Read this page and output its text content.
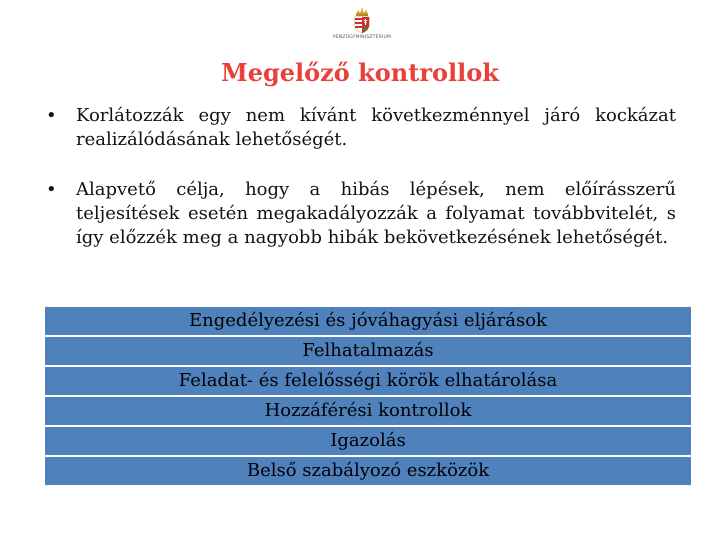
PÉNZÜGYMINISZTÉRIUM
Megelőző kontrollok
•	Korlátozzák egy nem kívánt következménnyel járó kockázat realizálódásának lehetőségét.
•	Alapvető célja, hogy a hibás lépések, nem előírásszerű teljesítések esetén megakadályozzák a folyamat továbbvitelét, s így előzzék meg a nagyobb hibák bekövetkezésének lehetőségét.
Engedélyezési és jóváhagyási eljárások
Felhatalmazás
Feladat- és felelősségi körök elhatárolása
Hozzáférési kontrollok
Igazolás
Belső szabályozó eszközök
